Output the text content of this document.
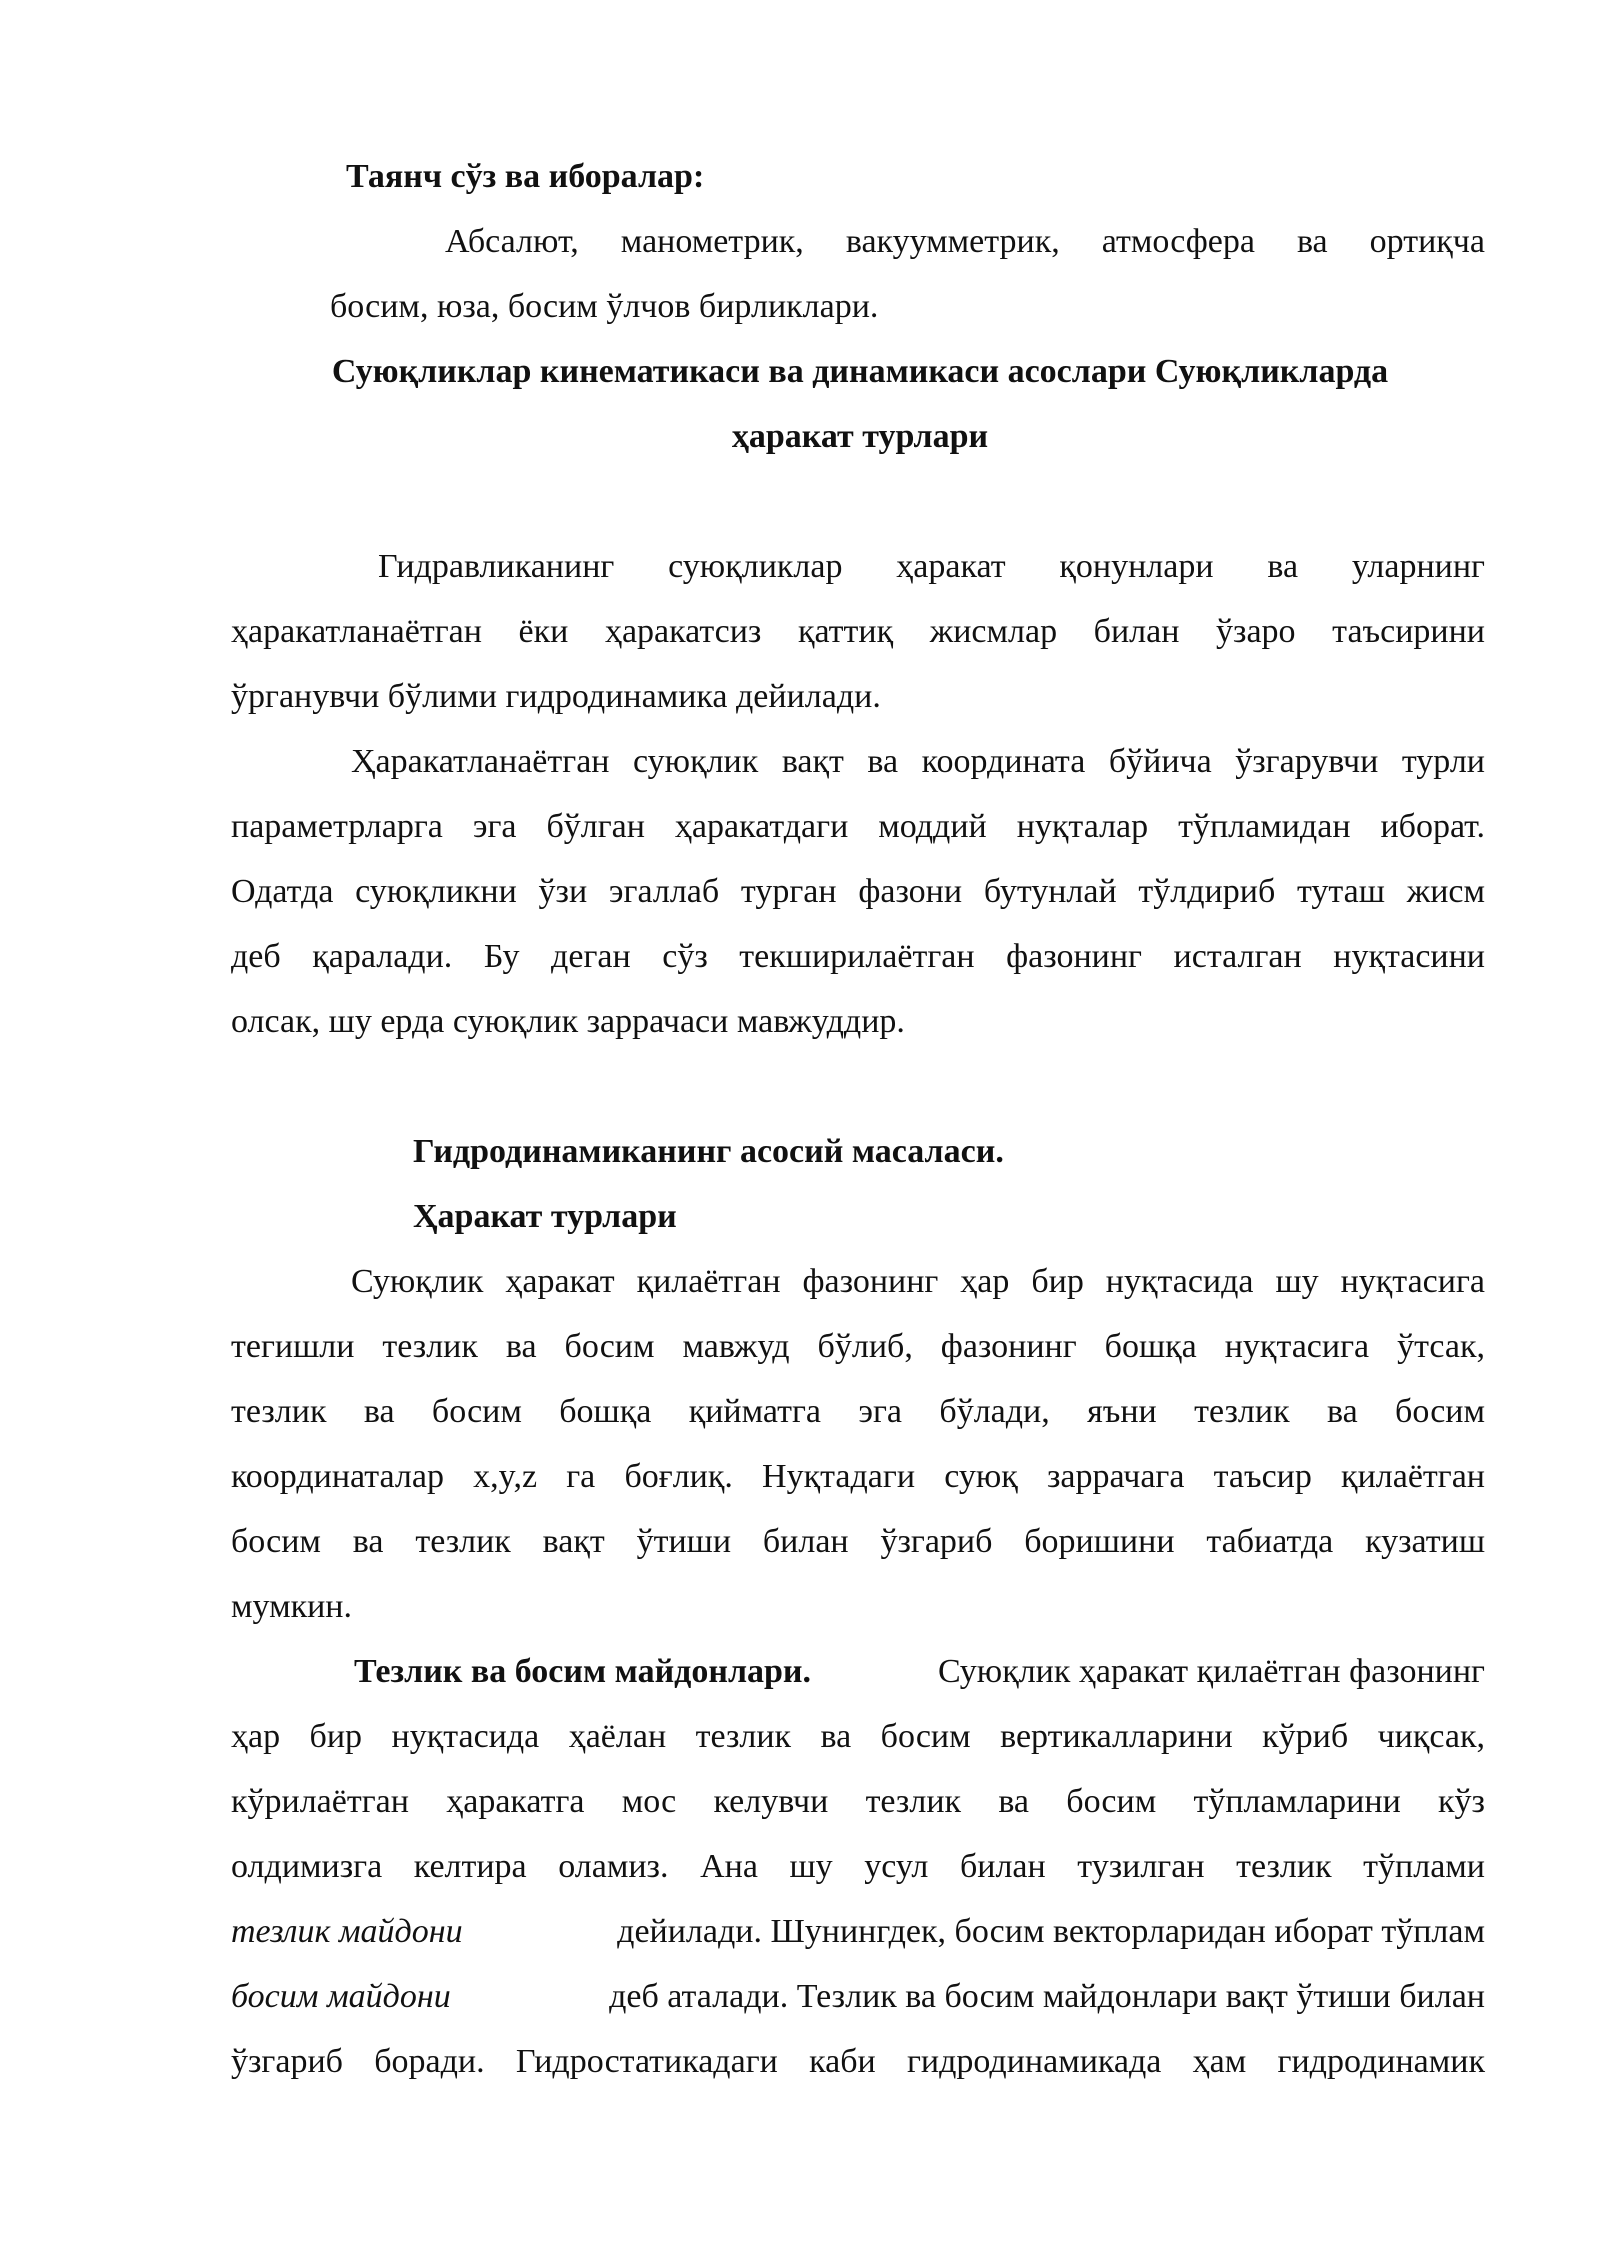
Таянч сўз ва иборалар:
Абсалют, манометрик, вакуумметрик, атмосфера ва ортиқча
босим, юза, босим ўлчов бирликлари.
Суюқликлар кинематикаси ва динамикаси асослари Суюқликларда
ҳаракат турлари
Гидравликанинг суюқликлар ҳаракат қонунлари ва уларнинг
ҳаракатланаётган ёки ҳаракатсиз қаттиқ жисмлар билан ўзаро таъсирини
ўрганувчи бўлими гидродинамика дейилади.
Ҳаракатланаётган суюқлик вақт ва координата бўйича ўзгарувчи турли
параметрларга эга бўлган ҳаракатдаги моддий нуқталар тўпламидан иборат.
Одатда суюқликни ўзи эгаллаб турган фазони бутунлай тўлдириб туташ жисм
деб қаралади. Бу деган сўз текширилаётган фазонинг исталган нуқтасини
олсак, шу ерда суюқлик заррачаси мавжуддир.
Гидродинамиканинг асосий масаласи.
Ҳаракат турлари
Суюқлик ҳаракат қилаётган фазонинг ҳар бир нуқтасида шу нуқтасига
тегишли тезлик ва босим мавжуд бўлиб, фазонинг бошқа нуқтасига ўтсак,
тезлик ва босим бошқа қийматга эга бўлади, яъни тезлик ва босим
координаталар x,y,z га боғлиқ. Нуқтадаги суюқ заррачага таъсир қилаётган
босим ва тезлик вақт ўтиши билан ўзгариб боришини табиатда кузатиш
мумкин.
Тезлик ва босим майдонлари.	Суюқлик ҳаракат қилаётган фазонинг
ҳар бир нуқтасида ҳаёлан тезлик ва босим вертикалларини кўриб чиқсак,
кўрилаётган ҳаракатга мос келувчи тезлик ва босим тўпламларини кўз
олдимизга келтира оламиз. Ана шу усул билан тузилган тезлик тўплами
тезлик майдони	дейилади. Шунингдек, босим векторларидан иборат тўплам
босим майдони	деб аталади. Тезлик ва босим майдонлари вақт ўтиши билан
ўзгариб боради. Гидростатикадаги каби гидродинамикада ҳам гидродинамик
